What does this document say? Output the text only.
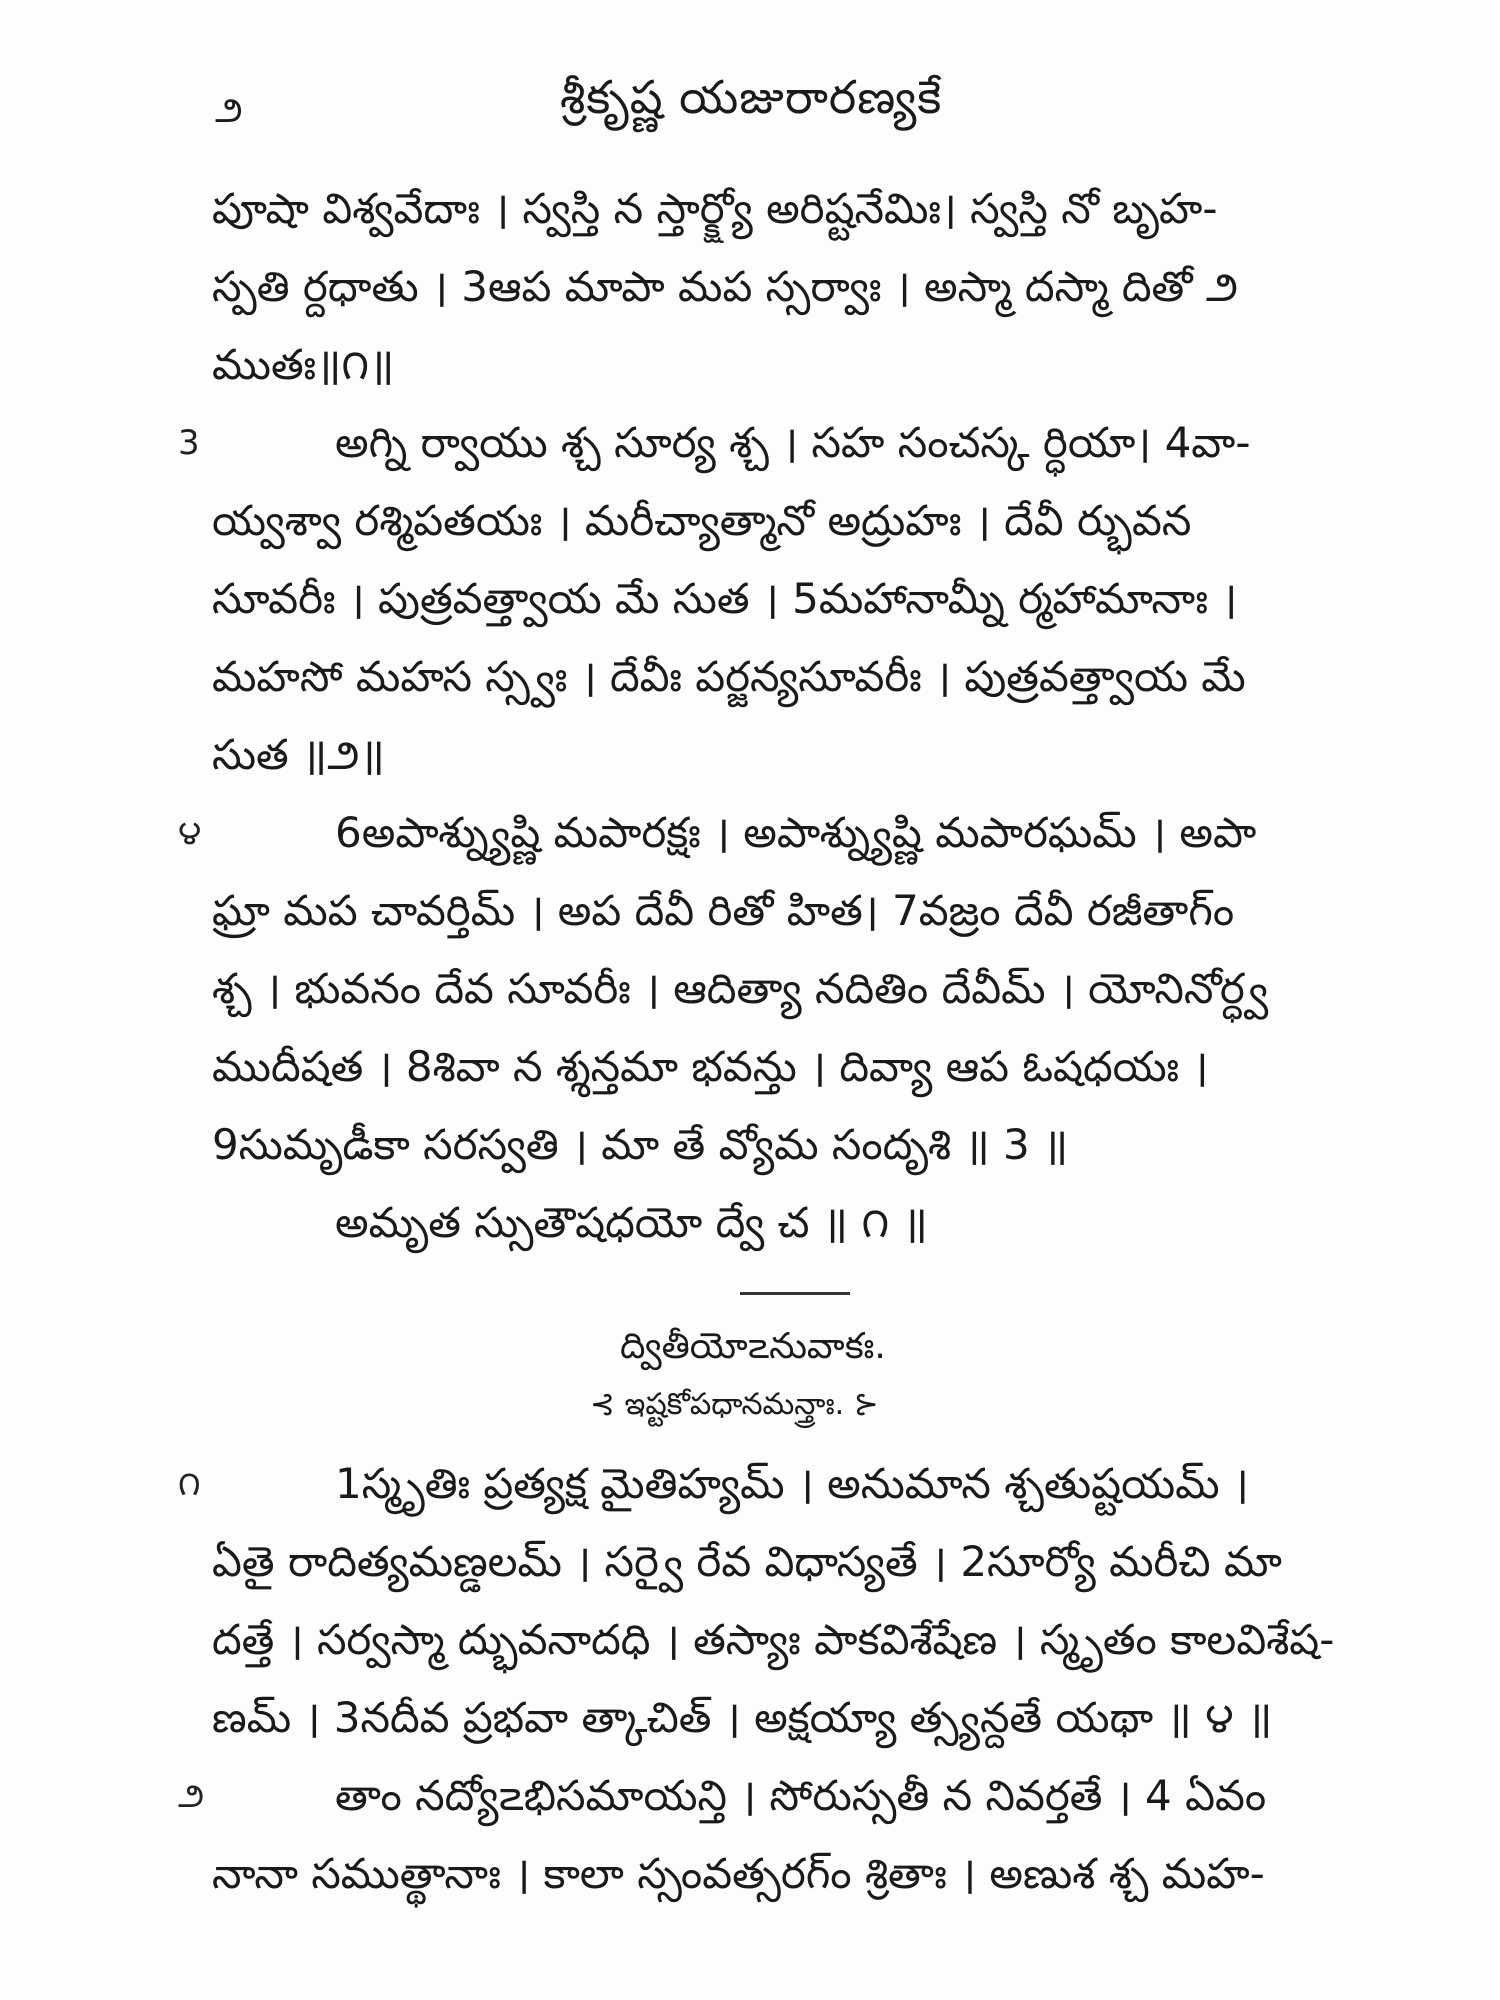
౨	శ్రీకృష్ణ యజురారణ్యకే
పూషా విశ్వవేదాః । స్వస్తి న స్తార్క్ష్యో అరిష్టనేమిః। స్వస్తి నో బృహ-
స్పతి ర్దధాతు । 3ఆప మాపా మప స్సర్వాః । అస్మా దస్మా దితో ౨
ముతః॥౧॥
3	అగ్ని ర్వాయు శ్చ సూర్య శ్చ । సహ సంచస్క ర్ధియా। 4వా-
య్వశ్వా రశ్మిపతయః । మరీచ్యాత్మానో అద్రుహః । దేవీ ర్భువన
సూవరీః । పుత్రవత్త్వాయ మే సుత । 5మహానామ్నీ ర్మహామానాః ।
మహసో మహస స్స్వః । దేవీః పర్జన్యసూవరీః । పుత్రవత్త్వాయ మే
సుత ॥౨॥
౪	6అపాశ్న్యుష్ణి మపారక్షః । అపాశ్న్యుష్ణి మపారఘమ్ । అపా
ఘ్రా మప చావర్తిమ్ । అప దేవీ రితో హిత। 7వజ్రం దేవీ రజీతాగ్ం
శ్చ । భువనం దేవ సూవరీః । ఆదిత్యా నదితిం దేవీమ్ । యోనినోర్ధ్వ
ముదీషత । 8శివా న శ్శన్తమా భవన్తు । దివ్యా ఆప ఓషధయః ।
9సుమృడీకా సరస్వతి । మా తే వ్యోమ సందృశి ॥ 3 ॥
అమృత స్సుతౌషధయో ద్వే చ ॥ ౧ ॥
ద్వితీయో౽నువాకః.
⊰ ఇష్టకోపధానమన్త్రాః. ⊱
౧	1స్మృతిః ప్రత్యక్ష మైతిహ్యమ్ । అనుమాన శ్చతుష్టయమ్ ।
ఏతై రాదిత్యమణ్డలమ్ । సర్వై రేవ విధాస్యతే । 2సూర్యో మరీచి మా
దత్తే । సర్వస్మా ద్భువనాదధి । తస్యాః పాకవిశేషేణ । స్మృతం కాలవిశేష-
ణమ్ । 3నదీవ ప్రభవా త్కాచిత్ । అక్షయ్యా త్స్యన్దతే యథా ॥ ౪ ॥
౨	తాం నద్యో౽భిసమాయన్తి । సోరుస్సతీ న నివర్తతే । 4 ఏవం
నానా సముత్థానాః । కాలా స్సంవత్సరగ్ం శ్రితాః । అణుశ శ్చ మహ-
